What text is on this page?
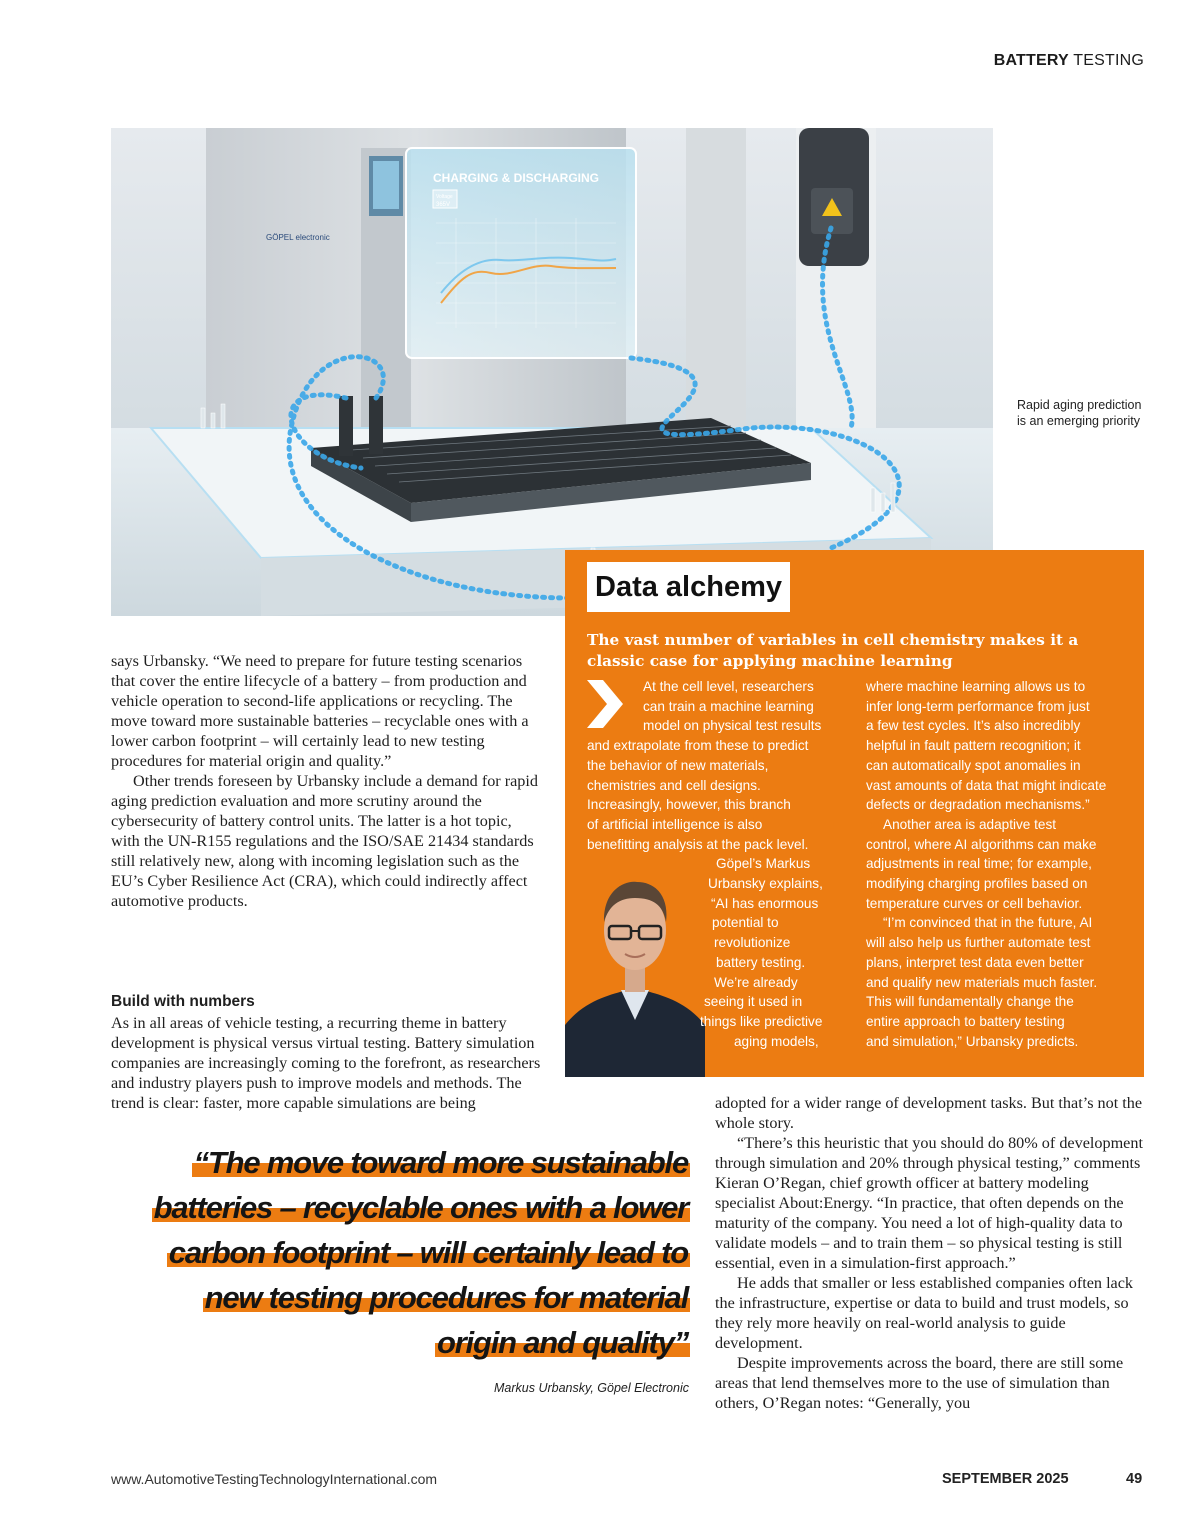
BATTERY TESTING
GÖPEL electronic
CHARGING & DISCHARGING
Voltage
365V
Rapid aging prediction is an emerging priority

says Urbansky. “We need to prepare for future testing scenarios that cover the entire lifecycle of a battery – from production and vehicle operation to second-life applications or recycling. The move toward more sustainable batteries – recyclable ones with a lower carbon footprint – will certainly lead to new testing procedures for material origin and quality.”

Other trends foreseen by Urbansky include a demand for rapid aging prediction evaluation and more scrutiny around the cybersecurity of battery control units. The latter is a hot topic, with the UN-R155 regulations and the ISO/SAE 21434 standards still relatively new, along with incoming legislation such as the EU’s Cyber Resilience Act (CRA), which could indirectly affect automotive products.

Build with numbers

As in all areas of vehicle testing, a recurring theme in battery development is physical versus virtual testing. Battery simulation companies are increasingly coming to the forefront, as researchers and industry players push to improve models and methods. The trend is clear: faster, more capable simulations are being

Data alchemy
The vast number of variables in cell chemistry makes it a classic case for applying machine learning
At the cell level, researchers
can train a machine learning
model on physical test results
and extrapolate from these to predict
the behavior of new materials,
chemistries and cell designs.
Increasingly, however, this branch
of artificial intelligence is also
benefitting analysis at the pack level.
Göpel’s Markus
Urbansky explains,
“AI has enormous
potential to
revolutionize
battery testing.
We’re already
seeing it used in
things like predictive
aging models,
where machine learning allows us to
infer long-term performance from just
a few test cycles. It’s also incredibly
helpful in fault pattern recognition; it
can automatically spot anomalies in
vast amounts of data that might indicate
defects or degradation mechanisms.”
Another area is adaptive test
control, where AI algorithms can make
adjustments in real time; for example,
modifying charging profiles based on
temperature curves or cell behavior.
“I’m convinced that in the future, AI
will also help us further automate test
plans, interpret test data even better
and qualify new materials much faster.
This will fundamentally change the
entire approach to battery testing
and simulation,” Urbansky predicts.
“The move toward more sustainable
batteries – recyclable ones with a lower
carbon footprint – will certainly lead to
new testing procedures for material
origin and quality”
Markus Urbansky, Göpel Electronic

adopted for a wider range of development tasks. But that’s not the whole story.

“There’s this heuristic that you should do 80% of development through simulation and 20% through physical testing,” comments Kieran O’Regan, chief growth officer at battery modeling specialist About:Energy. “In practice, that often depends on the maturity of the company. You need a lot of high-quality data to validate models – and to train them – so physical testing is still essential, even in a simulation-first approach.”

He adds that smaller or less established companies often lack the infrastructure, expertise or data to build and trust models, so they rely more heavily on real-world analysis to guide development.

Despite improvements across the board, there are still some areas that lend themselves more to the use of simulation than others, O’Regan notes: “Generally, you

www.AutomotiveTestingTechnologyInternational.com	SEPTEMBER 2025	49
